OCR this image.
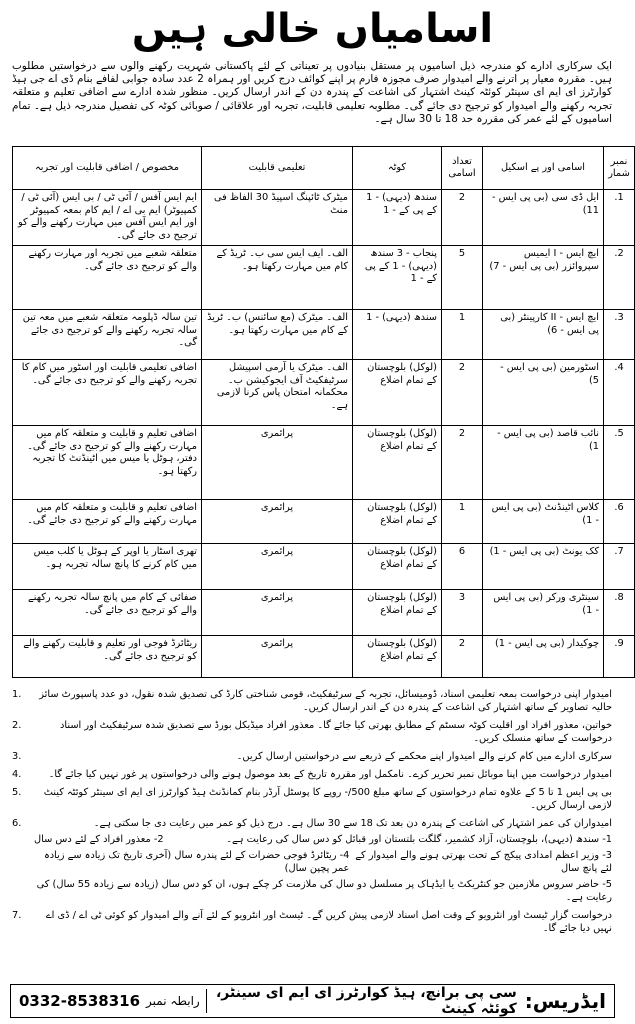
اسامیاں خالی ہیں
ایک سرکاری ادارے کو مندرجہ ذیل اسامیوں پر مستقل بنیادوں پر تعیناتی کے لئے پاکستانی شہریت رکھنے والوں سے درخواستیں مطلوب ہیں۔ مقررہ معیار پر اترنے والے امیدوار صرف مجوزہ فارم پر اپنے کوائف درج کریں اور ہمراہ 2 عدد سادہ جوابی لفافے بنام ڈی اے جی ہیڈ کوارٹرز ای ایم ای سینٹر کوئٹہ کینٹ اشتہار کی اشاعت کے پندرہ دن کے اندر ارسال کریں۔ منظور شدہ ادارے سے اضافی تعلیم و متعلقہ تجربہ رکھنے والے امیدوار کو ترجیح دی جائے گی۔ مطلوبہ تعلیمی قابلیت، تجربہ اور علاقائی / صوبائی کوٹہ کی تفصیل مندرجہ ذیل ہے۔ تمام اسامیوں کے لئے عمر کی مقررہ حد 18 تا 30 سال ہے۔
نمبر شمار	اسامی اور پے اسکیل	تعداد اسامی	کوٹہ	تعلیمی قابلیت	مخصوص / اضافی قابلیت اور تجربہ
1.	ایل ڈی سی (بی پی ایس - 11)	2	سندھ (دیہی) - 1 کے پی کے - 1	میٹرک ٹائپنگ اسپیڈ 30 الفاظ فی منٹ	ایم ایس آفس / آئی ٹی / بی ایس (آئی ٹی / کمپیوٹر) ایم بی اے / ایم کام بمعہ کمپیوٹر اور ایم ایس آفس میں مہارت رکھنے والے کو ترجیح دی جائے گی۔
2.	ایچ ایس - I ایمیس سپروائزر (بی پی ایس - 7)	5	پنجاب - 3 سندھ (دیہی) - 1 کے پی کے - 1	الف۔ ایف ایس سی ب۔ ٹریڈ کے کام میں مہارت رکھتا ہو۔	متعلقہ شعبے میں تجربہ اور مہارت رکھنے والے کو ترجیح دی جائے گی۔
3.	ایچ ایس - II کارپینٹر (بی پی ایس - 6)	1	سندھ (دیہی) - 1	الف۔ میٹرک (مع سائنس) ب۔ ٹریڈ کے کام میں مہارت رکھتا ہو۔	تین سالہ ڈپلومہ متعلقہ شعبے میں معہ تین سالہ تجربہ رکھنے والے کو ترجیح دی جائے گی۔
4.	اسٹورمین (بی پی ایس - 5)	2	(لوکل) بلوچستان کے تمام اضلاع	الف۔ میٹرک یا آرمی اسپیشل سرٹیفکیٹ آف ایجوکیشن ب۔ محکمانہ امتحان پاس کرنا لازمی ہے۔	اضافی تعلیمی قابلیت اور اسٹور میں کام کا تجربہ رکھنے والے کو ترجیح دی جائے گی۔
5.	نائب قاصد (بی پی ایس - 1)	2	(لوکل) بلوچستان کے تمام اضلاع	پرائمری	اضافی تعلیم و قابلیت و متعلقہ کام میں مہارت رکھنے والے کو ترجیح دی جائے گی۔ دفتر، ہوٹل یا میس میں اٹینڈنٹ کا تجربہ رکھتا ہو۔
6.	کلاس اٹینڈنٹ (بی پی ایس - 1)	1	(لوکل) بلوچستان کے تمام اضلاع	پرائمری	اضافی تعلیم و قابلیت و متعلقہ کام میں مہارت رکھنے والے کو ترجیح دی جائے گی۔
7.	کک یونٹ (بی پی ایس - 1)	6	(لوکل) بلوچستان کے تمام اضلاع	پرائمری	تھری اسٹار یا اوپر کے ہوٹل یا کلب میس میں کام کرنے کا پانچ سالہ تجربہ ہو۔
8.	سینٹری ورکر (بی پی ایس - 1)	3	(لوکل) بلوچستان کے تمام اضلاع	پرائمری	صفائی کے کام میں پانچ سالہ تجربہ رکھنے والے کو ترجیح دی جائے گی۔
9.	چوکیدار (بی پی ایس - 1)	2	(لوکل) بلوچستان کے تمام اضلاع	پرائمری	ریٹائرڈ فوجی اور تعلیم و قابلیت رکھنے والے کو ترجیح دی جائے گی۔
1. امیدوار اپنی درخواست بمعہ تعلیمی اسناد، ڈومیسائل، تجربہ کے سرٹیفکیٹ، قومی شناختی کارڈ کی تصدیق شدہ نقول، دو عدد پاسپورٹ سائز حالیہ تصاویر کے ساتھ اشتہار کی اشاعت کے پندرہ دن کے اندر ارسال کریں۔
2.	خواتین، معذور افراد اور اقلیت کوٹہ سسٹم کے مطابق بھرتی کیا جائے گا۔ معذور افراد میڈیکل بورڈ سے تصدیق شدہ سرٹیفکیٹ اور اسناد درخواست کے ساتھ منسلک کریں۔
3.	سرکاری ادارے میں کام کرنے والے امیدوار اپنے محکمے کے ذریعے سے درخواستیں ارسال کریں۔
4.	امیدوار درخواست میں اپنا موبائل نمبر تحریر کرے۔ نامکمل اور مقررہ تاریخ کے بعد موصول ہونے والی درخواستوں پر غور نہیں کیا جائے گا۔
5. بی پی ایس 1 تا 5 کے علاوہ تمام درخواستوں کے ساتھ مبلغ 500/- روپے کا پوسٹل آرڈر بنام کمانڈنٹ ہیڈ کوارٹرز ای ایم ای سینٹر کوئٹہ کینٹ لازمی ارسال کریں۔
6.	امیدواران کی عمر اشتہار کی اشاعت کے پندرہ دن بعد تک 18 سے 30 سال ہے۔ درج ذیل کو عمر میں رعایت دی جا سکتی ہے۔
1- سندھ (دیہی)، بلوچستان، آزاد کشمیر، گلگت بلتستان اور قبائل کو دس سال کی رعایت ہے۔
2- معذور افراد کے لئے دس سال
3- وزیر اعظم امدادی پیکج کے تحت بھرتی ہونے والے امیدوار کے لئے پانچ سال
4- ریٹائرڈ فوجی حضرات کے لئے پندرہ سال (آخری تاریخ تک زیادہ سے زیادہ عمر پچپن سال)
5- حاضر سروس ملازمین جو کنٹریکٹ یا ایڈہاک پر مسلسل دو سال کی ملازمت کر چکے ہوں، ان کو دس سال (زیادہ سے زیادہ 55 سال) کی رعایت ہے۔
7.	درخواست گزار ٹیسٹ اور انٹرویو کے وقت اصل اسناد لازمی پیش کریں گے۔ ٹیسٹ اور انٹرویو کے لئے آنے والے امیدوار کو کوئی ٹی اے / ڈی اے نہیں دیا جائے گا۔
ایڈریس:
سی پی برانچ، ہیڈ کوارٹرز ای ایم ای سینٹر، کوئٹہ کینٹ
رابطہ نمبر
0332-8538316
